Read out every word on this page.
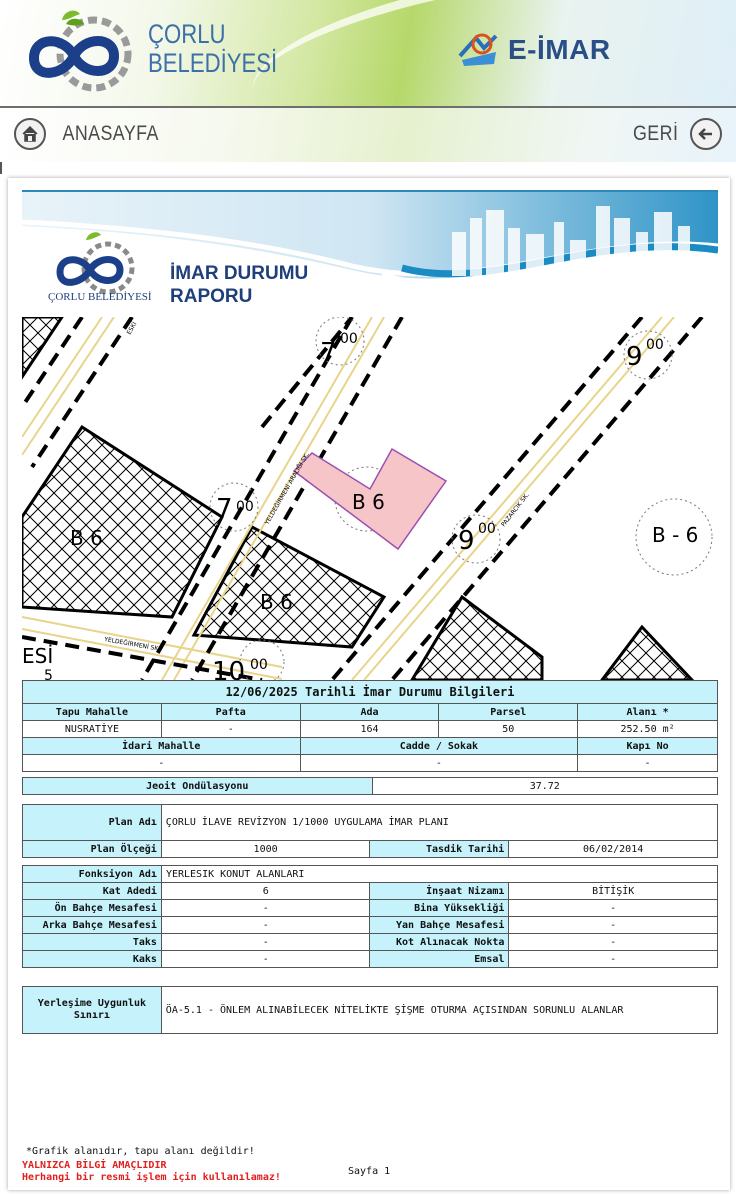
ÇORLU
BELEDİYESİ	E-İMAR
ANASAYFA	GERİ
ÇORLU BELEDİYESİ
İMAR DURUMU
RAPORU
B 6
B 6
B 6
B - 6
7 00
9 00
7 00
9 00
10 00
ESİ
5
YELDEĞİRMENİ ARALIĞI SK.	PAZARCIK SK.
YELDEĞİRMENİ SK.
ESKİ
12/06/2025 Tarihli İmar Durumu Bilgileri				
Tapu Mahalle	Pafta	Ada	Parsel	Alanı *
NUSRATİYE	-	164	50	252.50 m²
İdari Mahalle		Cadde / Sokak		Kapı No
-		-		-
Jeoit Ondülasyonu	37.72
Plan Adı	ÇORLU İLAVE REVİZYON 1/1000 UYGULAMA İMAR PLANI		
Plan Ölçeği	1000	Tasdik Tarihi	06/02/2014
Fonksiyon Adı	YERLESIK KONUT ALANLARI		
Kat Adedi	6	İnşaat Nizamı	BİTİŞİK
Ön Bahçe Mesafesi	-	Bina Yüksekliği	-
Arka Bahçe Mesafesi	-	Yan Bahçe Mesafesi	-
Taks	-	Kot Alınacak Nokta	-
Kaks	-	Emsal	-
Yerleşime Uygunluk
Sınırı	ÖA-5.1 - ÖNLEM ALINABİLECEK NİTELİKTE ŞİŞME OTURMA AÇISINDAN SORUNLU ALANLAR
*Grafik alanıdır, tapu alanı değildir!
YALNIZCA BİLGİ AMAÇLIDIR
Herhangi bir resmi işlem için kullanılamaz!
Sayfa 1
